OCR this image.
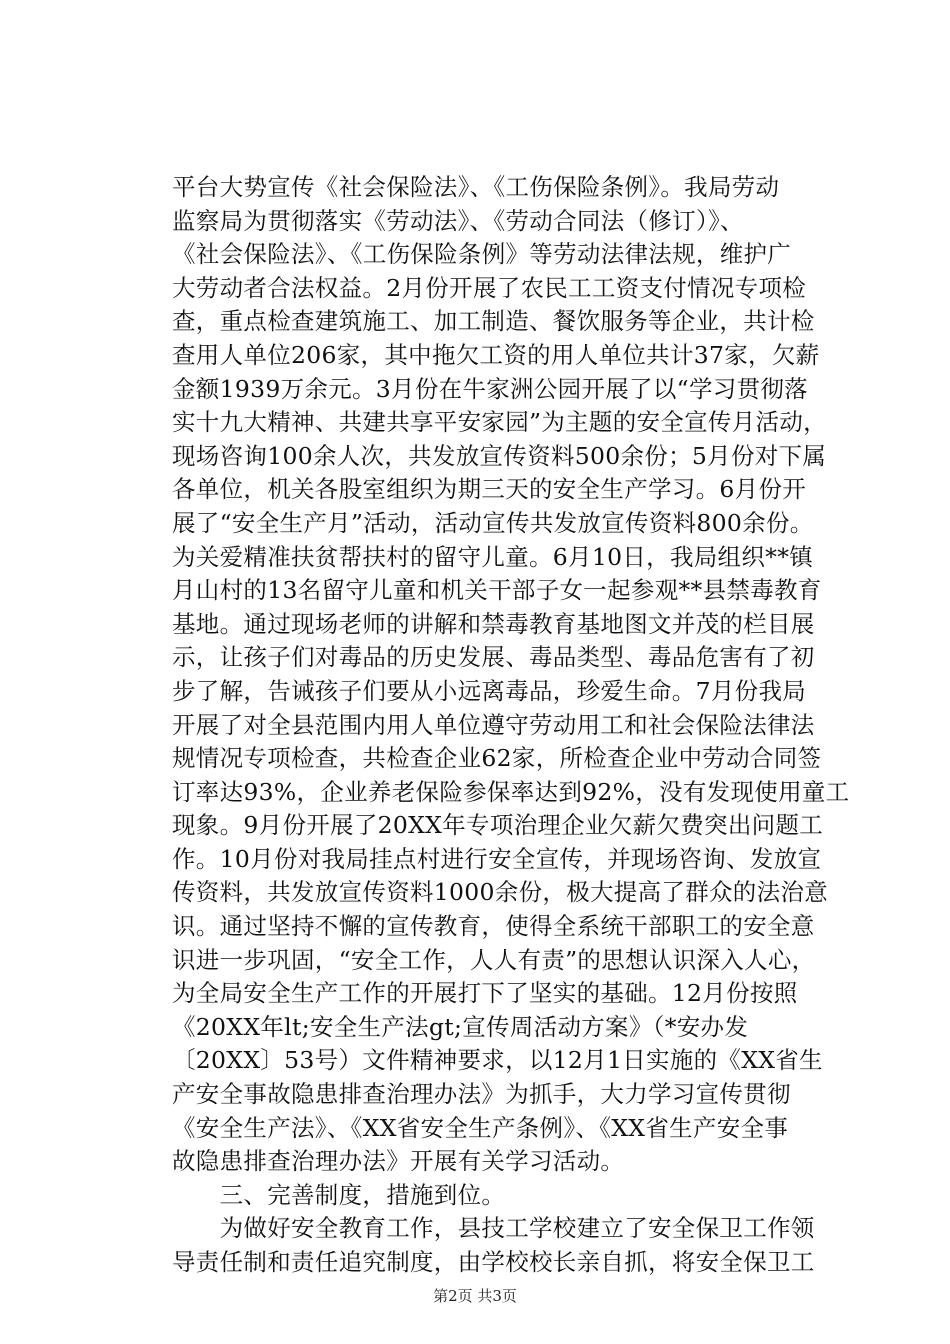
平台大势宣传《社会保险法》、《工伤保险条例》。我局劳动
监察局为贯彻落实《劳动法》、《劳动合同法（修订）》、
《社会保险法》、《工伤保险条例》等劳动法律法规，维护广
大劳动者合法权益。2月份开展了农民工工资支付情况专项检
查，重点检查建筑施工、加工制造、餐饮服务等企业，共计检
查用人单位206家，其中拖欠工资的用人单位共计37家，欠薪
金额1939万余元。3月份在牛家洲公园开展了以“学习贯彻落
实十九大精神、共建共享平安家园”为主题的安全宣传月活动，
现场咨询100余人次，共发放宣传资料500余份；5月份对下属
各单位，机关各股室组织为期三天的安全生产学习。6月份开
展了“安全生产月”活动，活动宣传共发放宣传资料800余份。
为关爱精准扶贫帮扶村的留守儿童。6月10日，我局组织**镇
月山村的13名留守儿童和机关干部子女一起参观**县禁毒教育
基地。通过现场老师的讲解和禁毒教育基地图文并茂的栏目展
示，让孩子们对毒品的历史发展、毒品类型、毒品危害有了初
步了解，告诫孩子们要从小远离毒品，珍爱生命。7月份我局
开展了对全县范围内用人单位遵守劳动用工和社会保险法律法
规情况专项检查，共检查企业62家，所检查企业中劳动合同签
订率达93%，企业养老保险参保率达到92%，没有发现使用童工
现象。9月份开展了20XX年专项治理企业欠薪欠费突出问题工
作。10月份对我局挂点村进行安全宣传，并现场咨询、发放宣
传资料，共发放宣传资料1000余份，极大提高了群众的法治意
识。通过坚持不懈的宣传教育，使得全系统干部职工的安全意
识进一步巩固，“安全工作，人人有责”的思想认识深入人心，
为全局安全生产工作的开展打下了坚实的基础。12月份按照
《20XX年lt;安全生产法gt;宣传周活动方案》（*安办发
〔20XX〕53号）文件精神要求，以12月1日实施的《XX省生
产安全事故隐患排查治理办法》为抓手，大力学习宣传贯彻
《安全生产法》、《XX省安全生产条例》、《XX省生产安全事
故隐患排查治理办法》开展有关学习活动。
　　三、完善制度，措施到位。
　　为做好安全教育工作，县技工学校建立了安全保卫工作领
导责任制和责任追究制度，由学校校长亲自抓，将安全保卫工
第2页 共3页
